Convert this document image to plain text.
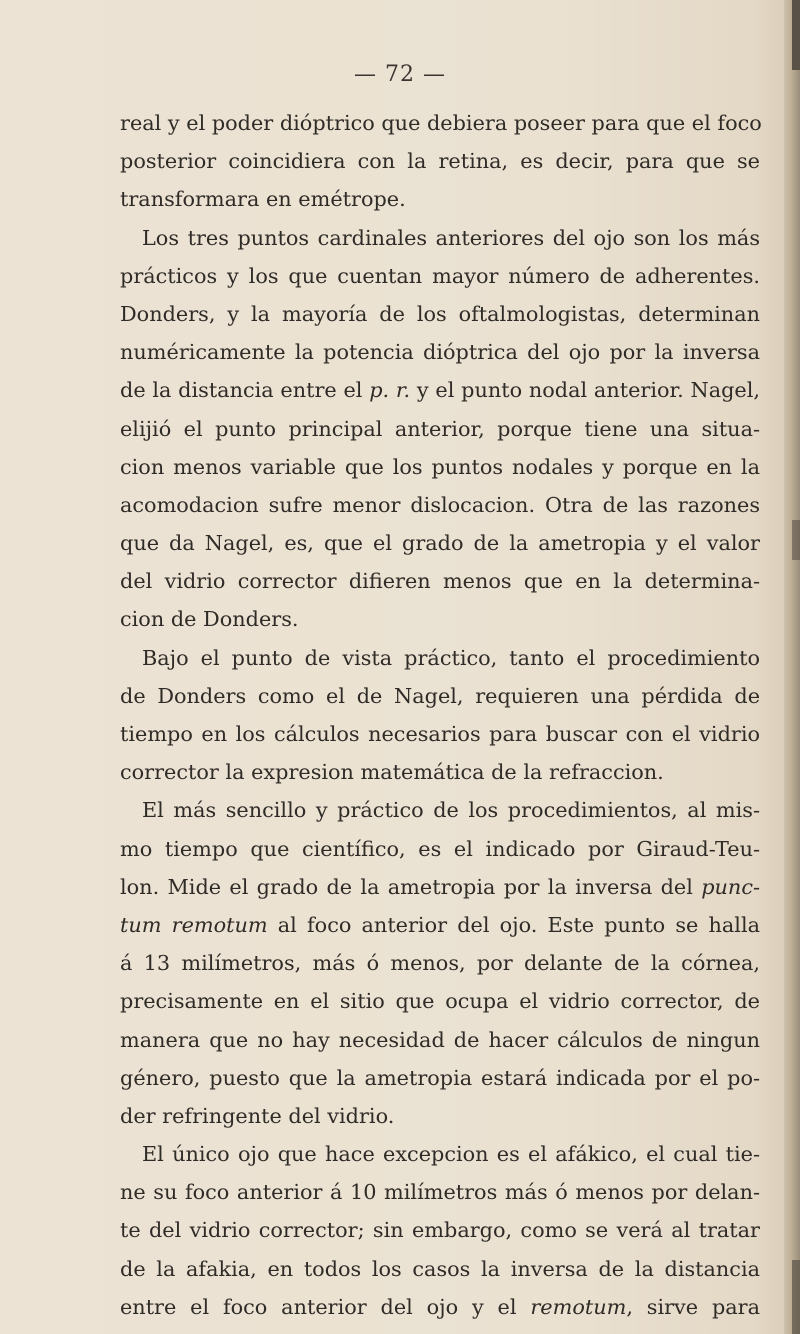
— 72 —
real y el poder dióptrico que debiera poseer para que el foco
posterior coincidiera con la retina, es decir, para que se
transformara en emétrope.
Los tres puntos cardinales anteriores del ojo son los más
prácticos y los que cuentan mayor número de adherentes.
Donders, y la mayoría de los oftalmologistas, determinan
numéricamente la potencia dióptrica del ojo por la inversa
de la distancia entre el p. r. y el punto nodal anterior. Nagel,
elijió el punto principal anterior, porque tiene una situa-
cion menos variable que los puntos nodales y porque en la
acomodacion sufre menor dislocacion. Otra de las razones
que da Nagel, es, que el grado de la ametropia y el valor
del vidrio corrector difieren menos que en la determina-
cion de Donders.
Bajo el punto de vista práctico, tanto el procedimiento
de Donders como el de Nagel, requieren una pérdida de
tiempo en los cálculos necesarios para buscar con el vidrio
corrector la expresion matemática de la refraccion.
El más sencillo y práctico de los procedimientos, al mis-
mo tiempo que científico, es el indicado por Giraud-Teu-
lon. Mide el grado de la ametropia por la inversa del punc-
tum remotum al foco anterior del ojo. Este punto se halla
á 13 milímetros, más ó menos, por delante de la córnea,
precisamente en el sitio que ocupa el vidrio corrector, de
manera que no hay necesidad de hacer cálculos de ningun
género, puesto que la ametropia estará indicada por el po-
der refringente del vidrio.
El único ojo que hace excepcion es el afákico, el cual tie-
ne su foco anterior á 10 milímetros más ó menos por delan-
te del vidrio corrector; sin embargo, como se verá al tratar
de la afakia, en todos los casos la inversa de la distancia
entre el foco anterior del ojo y el remotum, sirve para
